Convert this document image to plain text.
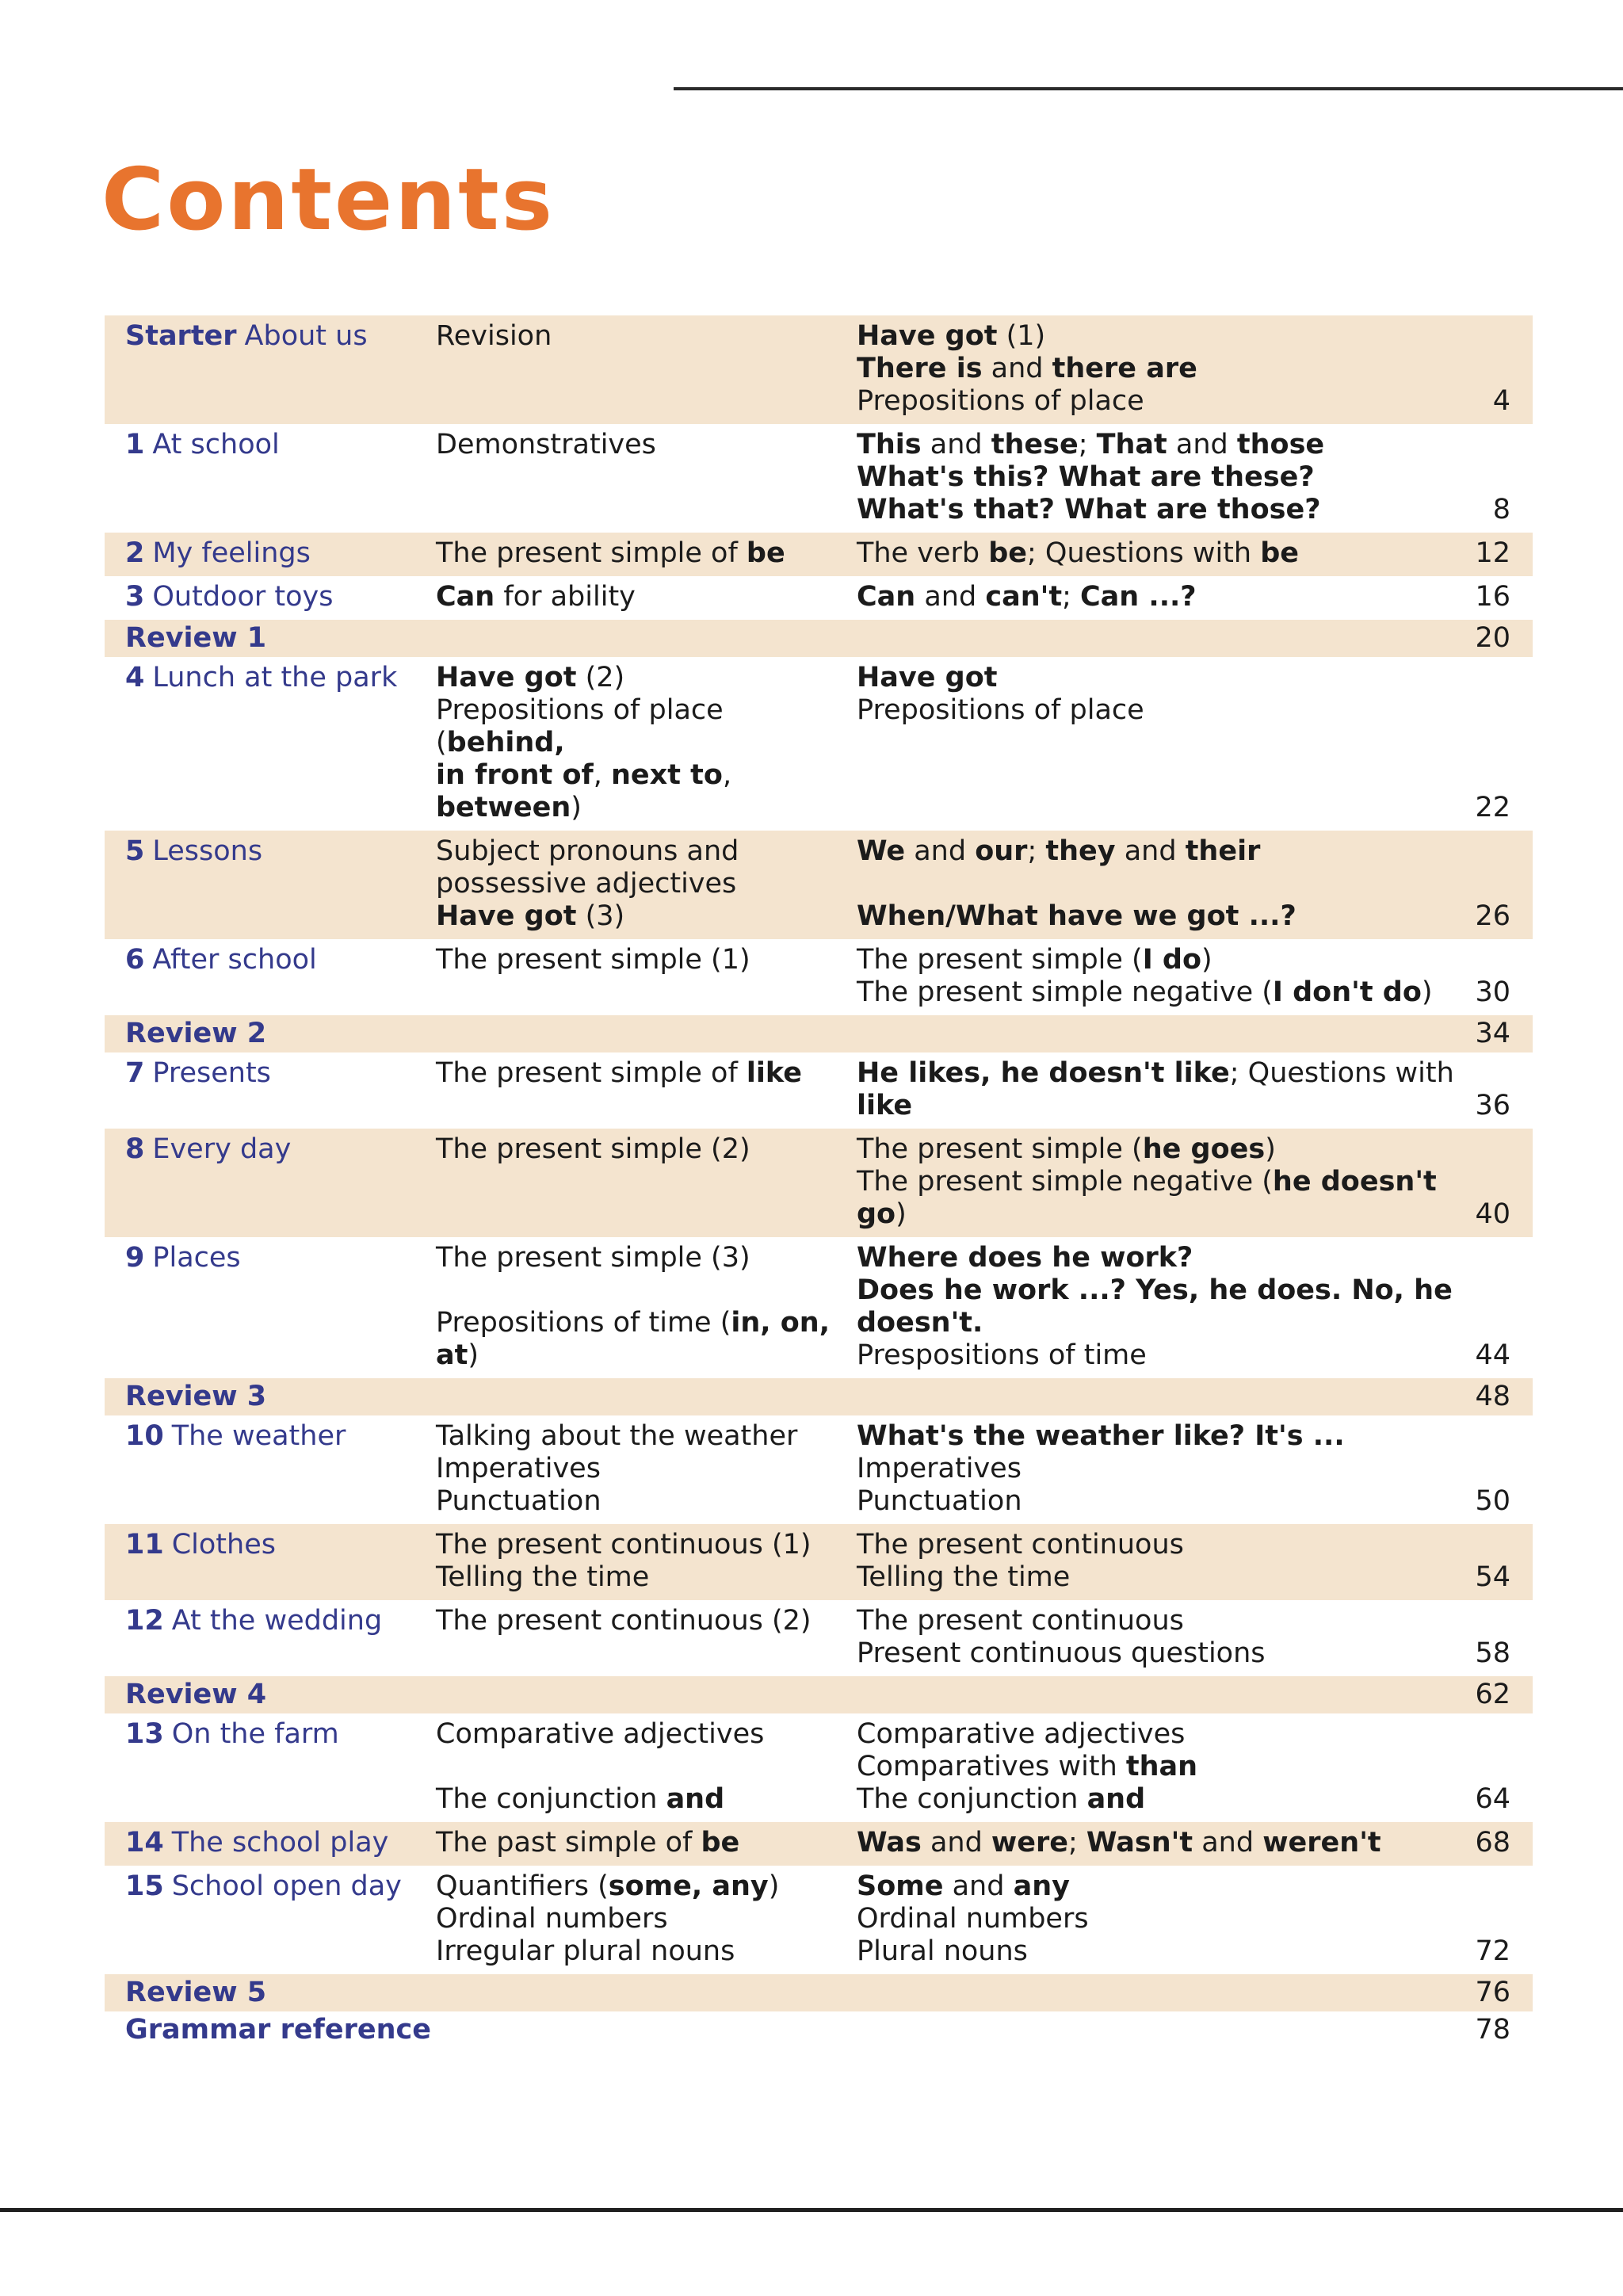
Contents
Starter About us	Revision	Have got (1)
There is and there are
Prepositions of place	4
1 At school	Demonstratives	This and these; That and those
What's this? What are these?
What's that? What are those?	8
2 My feelings	The present simple of be	The verb be; Questions with be	12
3 Outdoor toys	Can for ability	Can and can't; Can ...?	16
Review 1			20
4 Lunch at the park	Have got (2)
Prepositions of place (behind,
in front of, next to, between)	Have got
Prepositions of place	22
5 Lessons	Subject pronouns and
possessive adjectives
Have got (3)	We and our; they and their
When/What have we got ...?	26
6 After school	The present simple (1)	The present simple (I do)
The present simple negative (I don't do)	30
Review 2			34
7 Presents	The present simple of like	He likes, he doesn't like; Questions with like	36
8 Every day	The present simple (2)	The present simple (he goes)
The present simple negative (he doesn't go)	40
9 Places	The present simple (3)
Prepositions of time (in, on, at)	Where does he work?
Does he work ...? Yes, he does. No, he doesn't.
Prespositions of time	44
Review 3			48
10 The weather	Talking about the weather
Imperatives
Punctuation	What's the weather like? It's ...
Imperatives
Punctuation	50
11 Clothes	The present continuous (1)
Telling the time	The present continuous
Telling the time	54
12 At the wedding	The present continuous (2)	The present continuous
Present continuous questions	58
Review 4			62
13 On the farm	Comparative adjectives
The conjunction and	Comparative adjectives
Comparatives with than
The conjunction and	64
14 The school play	The past simple of be	Was and were; Wasn't and weren't	68
15 School open day	Quantifiers (some, any)
Ordinal numbers
Irregular plural nouns	Some and any
Ordinal numbers
Plural nouns	72
Review 5			76
Grammar reference			78
